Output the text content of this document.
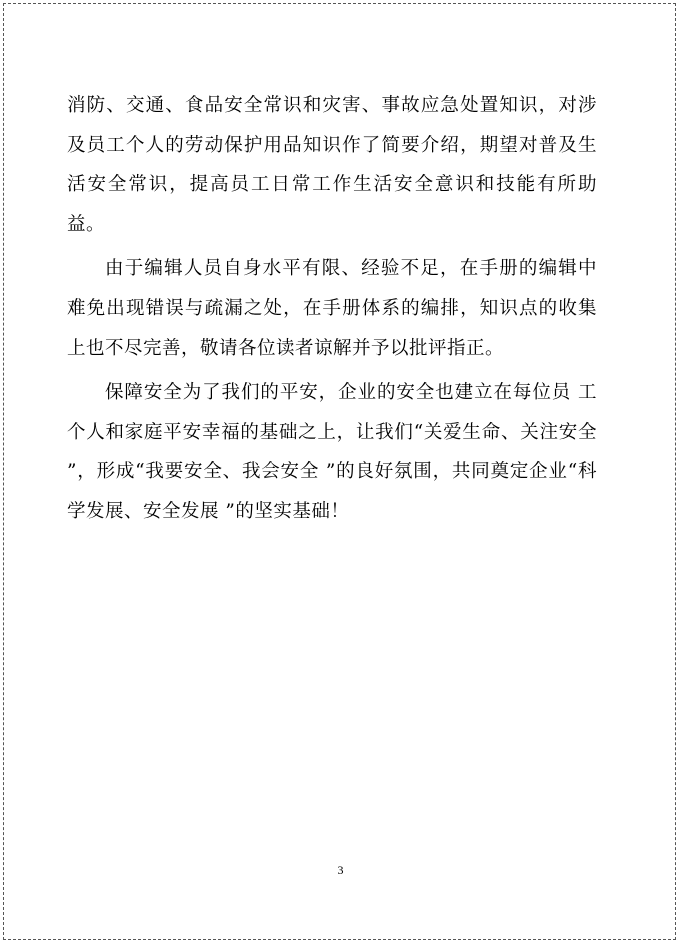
消防、交通、食品安全常识和灾害、事故应急处置知识，对涉及员工个人的劳动保护用品知识作了简要介绍，期望对普及生活安全常识，提高员工日常工作生活安全意识和技能有所助益。

由于编辑人员自身水平有限、经验不足，在手册的编辑中难免出现错误与疏漏之处，在手册体系的编排，知识点的收集上也不尽完善，敬请各位读者谅解并予以批评指正。

保障安全为了我们的平安，企业的安全也建立在每位员 工个人和家庭平安幸福的基础之上，让我们“关爱生命、关注安全 ”，形成“我要安全、我会安全 ”的良好氛围，共同奠定企业“科学发展、安全发展 ”的坚实基础！

3
